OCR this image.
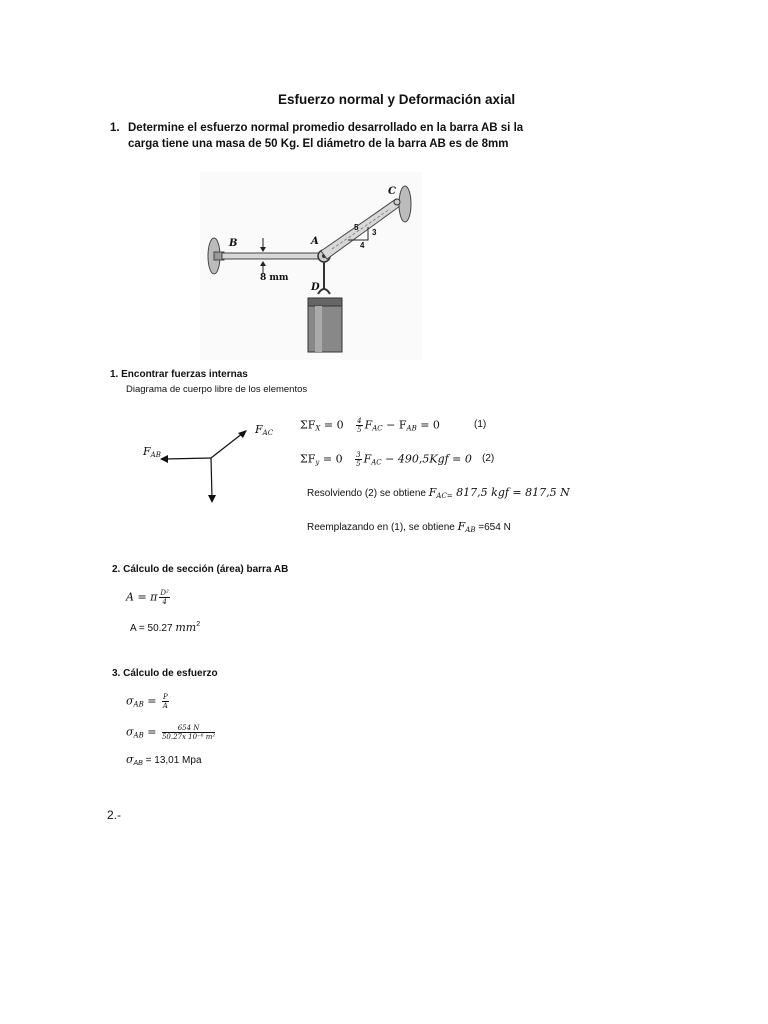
Esfuerzo normal y Deformación axial
1. Determine el esfuerzo normal promedio desarrollado en la barra AB si la
carga tiene una masa de 50 Kg. El diámetro de la barra AB es de 8mm
B	A
C
D
8 mm
5
3
4
1. Encontrar fuerzas internas
Diagrama de cuerpo libre de los elementos
$F_{AC}$
$F_{AB}$
$\Sigma F_X = 0 \frac{4}{5} F_{AC} - F_{AB} = 0$	(1)
$\Sigma F_y = 0 \frac{3}{5} F_{AC} - 490,5Kgf = 0$ (2)
Resolviendo (2) se obtiene $F_{AC=}$ 817,5 kgf = 817,5 N
Reemplazando en (1), se obtiene $F_{AB} =654$ N
2. Cálculo de sección (área) barra AB
A = π $\frac{\text{D²}}{4}$
A = 50.27 $mm^2$
3. Cálculo de esfuerzo
$\sigma_{AB} = \frac{P}{A}$
$\sigma_{AB} = \frac{654 N}{\text{50.27x 10⁻⁶ m²}}$
$\sigma_{AB} = 13,01$ Mpa
2.-
